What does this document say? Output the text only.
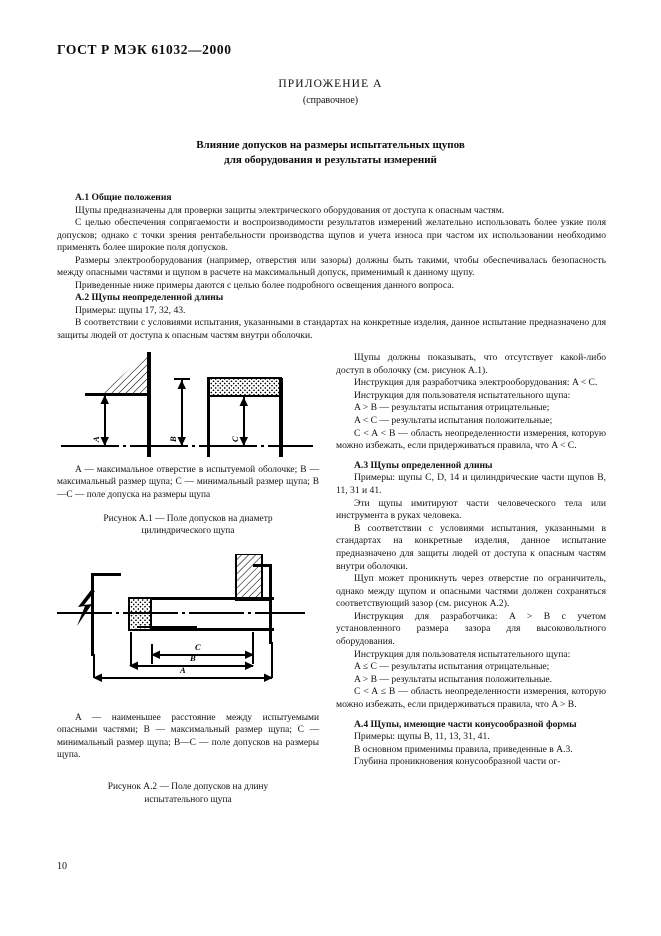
ГОСТ Р МЭК 61032—2000
ПРИЛОЖЕНИЕ А
(справочное)
Влияние допусков на размеры испытательных щупов
для оборудования и результаты измерений

А.1 Общие положения

Щупы предназначены для проверки защиты электрического оборудования от доступа к опасным частям.

С целью обеспечения сопрягаемости и воспроизводимости результатов измерений желательно использовать более узкие поля допусков; однако с точки зрения рентабельности производства щупов и учета износа при частом их использовании необходимо применять более широкие поля допусков.

Размеры электрооборудования (например, отверстия или зазоры) должны быть такими, чтобы обеспечивалась безопасность между опасными частями и щупом в расчете на максимальный допуск, применимый к данному щупу.

Приведенные ниже примеры даются с целью более подробного освещения данного вопроса.

А.2 Щупы неопределенной длины

Примеры: щупы 17, 32, 43.

В соответствии с условиями испытания, указанными в стандартах на конкретные изделия, данное испытание предназначено для защиты людей от доступа к опасным частям внутри оболочки.

A	B	C
A — максимальное отверстие в испытуемой оболочке; B — максимальный размер щупа; C — минимальный размер щупа; B—C — поле допуска на размеры щупа
Рисунок А.1 — Поле допусков на диаметр
цилиндрического щупа
C
B
A
A — наименьшее расстояние между испытуемыми опасными частями; B — максимальный размер щупа; C — минимальный размер щупа; B—C — поле допусков на размеры щупа.
Рисунок А.2 — Поле допусков на длину
испытательного щупа

Щупы должны показывать, что отсутствует какой-либо доступ в оболочку (см. рисунок А.1).

Инструкция для разработчика электрооборудования: A < C.

Инструкция для пользователя испытательного щупа:

A > B — результаты испытания отрицательные;

A < C — результаты испытания положительные;

C < A < B — область неопределенности измерения, которую можно избежать, если придерживаться правила, что A < C.

А.3 Щупы определенной длины

Примеры: щупы C, D, 14 и цилиндрические части щупов B, 11, 31 и 41.

Эти щупы имитируют части человеческого тела или инструмента в руках человека.

В соответствии с условиями испытания, указанными в стандартах на конкретные изделия, данное испытание предназначено для защиты людей от доступа к опасным частям внутри оболочки.

Щуп может проникнуть через отверстие по ограничитель, однако между щупом и опасными частями должен сохраняться соответствующий зазор (см. рисунок А.2).

Инструкция для разработчика: A > B с учетом установленного размера зазора для высоковольтного оборудования.

Инструкция для пользователя испытательного щупа:

A ≤ C — результаты испытания отрицательные;

A > B — результаты испытания положительные.

C < A ≤ B — область неопределенности измерения, которую можно избежать, если придерживаться правила, что A > B.

А.4 Щупы, имеющие части конусообразной формы

Примеры: щупы B, 11, 13, 31, 41.

В основном применимы правила, приведенные в А.3.

Глубина проникновения конусообразной части ог-

10
